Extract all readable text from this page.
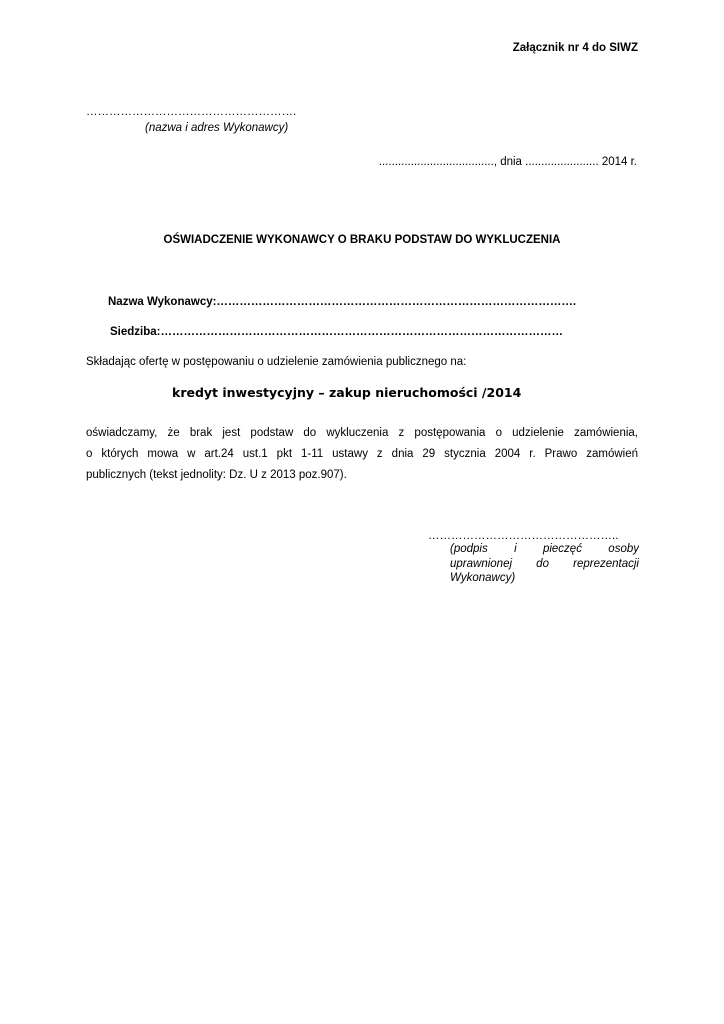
Załącznik nr 4 do SIWZ
……………………………………………….
(nazwa i adres Wykonawcy)
...................................., dnia ....................... 2014 r.
OŚWIADCZENIE WYKONAWCY O BRAKU PODSTAW DO WYKLUCZENIA
Nazwa Wykonawcy:………………………………………………………………………………….
Siedziba:……………………………………………………………………………………………
Składając ofertę w postępowaniu o udzielenie zamówienia publicznego na:
kredyt inwestycyjny – zakup nieruchomości /2014
oświadczamy, że brak jest podstaw do wykluczenia z postępowania o udzielenie zamówienia,
o których mowa w art.24 ust.1 pkt 1-11 ustawy z dnia 29 stycznia 2004 r. Prawo zamówień
publicznych (tekst jednolity: Dz. U z 2013 poz.907).
…………………………………………..
(podpis i pieczęć osoby
uprawnionej do reprezentacji
Wykonawcy)
